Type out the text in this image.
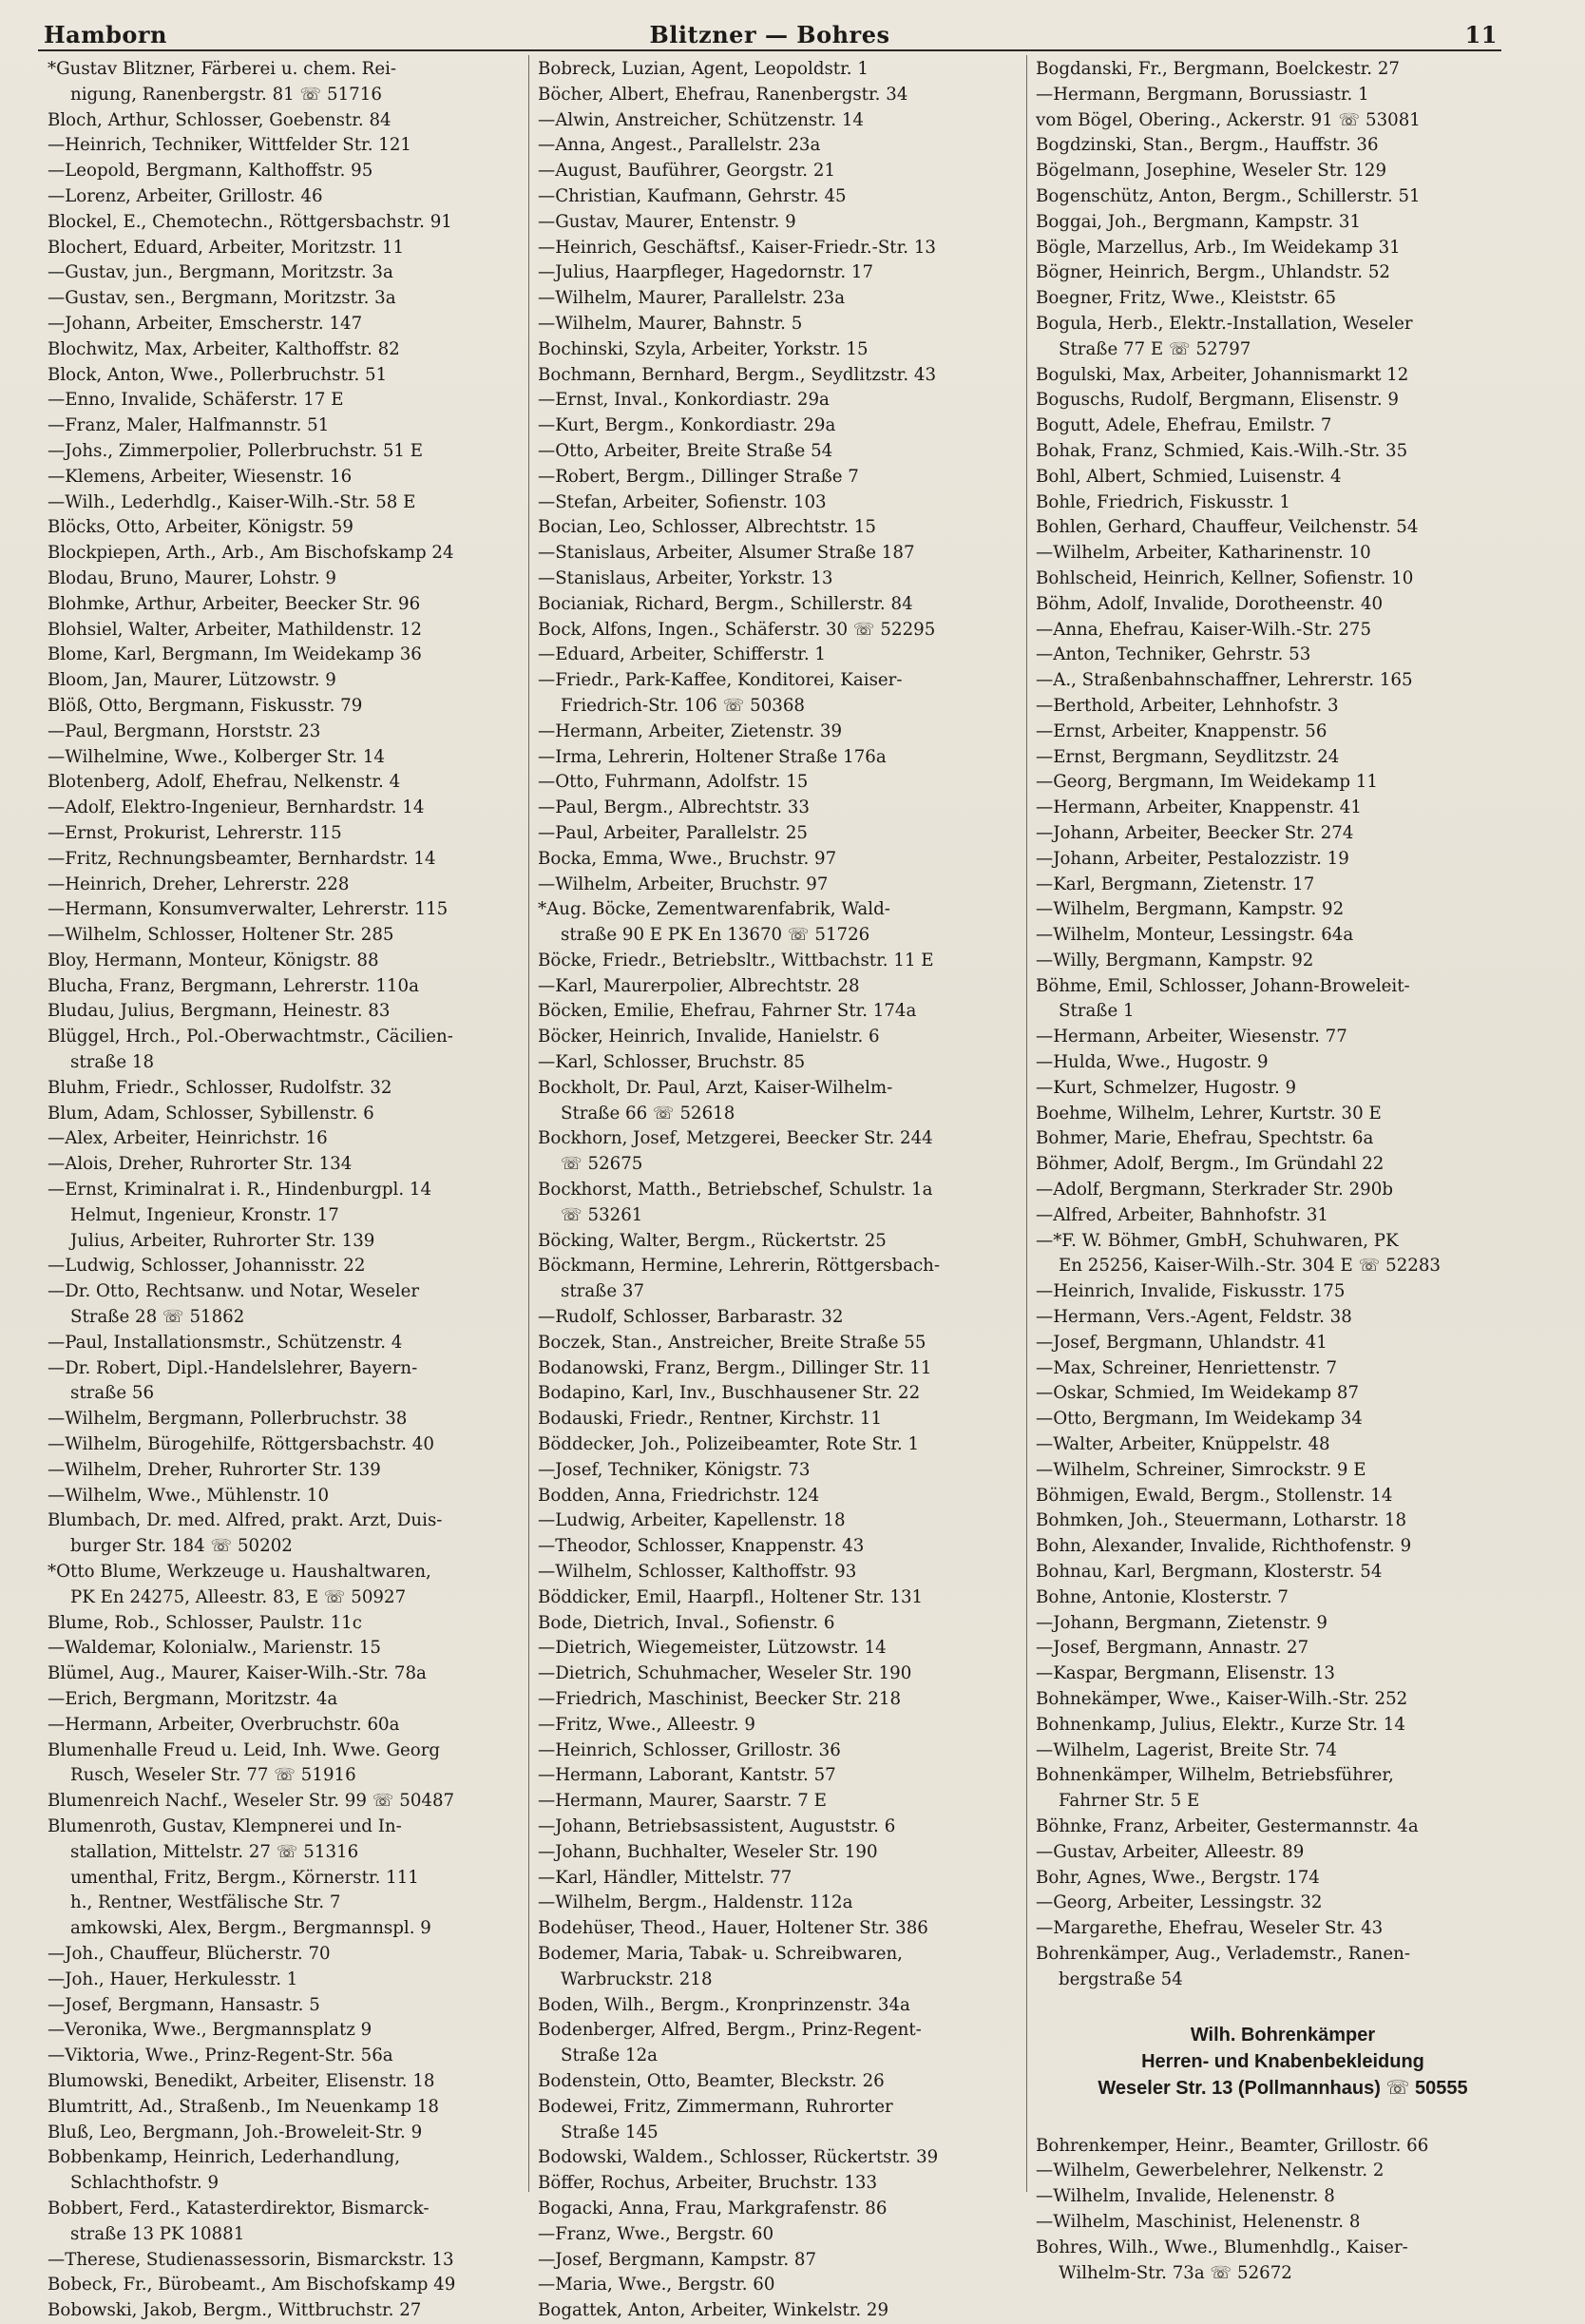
Blitzner — Bohres
Hamborn	11
*Gustav Blitzner, Färberei u. chem. Rei-
nigung, Ranenbergstr. 81 ☏ 51716
Bloch, Arthur, Schlosser, Goebenstr. 84
—Heinrich, Techniker, Wittfelder Str. 121
—Leopold, Bergmann, Kalthoffstr. 95
—Lorenz, Arbeiter, Grillostr. 46
Blockel, E., Chemotechn., Röttgersbachstr. 91
Blochert, Eduard, Arbeiter, Moritzstr. 11
—Gustav, jun., Bergmann, Moritzstr. 3a
—Gustav, sen., Bergmann, Moritzstr. 3a
—Johann, Arbeiter, Emscherstr. 147
Blochwitz, Max, Arbeiter, Kalthoffstr. 82
Block, Anton, Wwe., Pollerbruchstr. 51
—Enno, Invalide, Schäferstr. 17 E
—Franz, Maler, Halfmannstr. 51
—Johs., Zimmerpolier, Pollerbruchstr. 51 E
—Klemens, Arbeiter, Wiesenstr. 16
—Wilh., Lederhdlg., Kaiser-Wilh.-Str. 58 E
Blöcks, Otto, Arbeiter, Königstr. 59
Blockpiepen, Arth., Arb., Am Bischofskamp 24
Blodau, Bruno, Maurer, Lohstr. 9
Blohmke, Arthur, Arbeiter, Beecker Str. 96
Blohsiel, Walter, Arbeiter, Mathildenstr. 12
Blome, Karl, Bergmann, Im Weidekamp 36
Bloom, Jan, Maurer, Lützowstr. 9
Blöß, Otto, Bergmann, Fiskusstr. 79
—Paul, Bergmann, Horststr. 23
—Wilhelmine, Wwe., Kolberger Str. 14
Blotenberg, Adolf, Ehefrau, Nelkenstr. 4
—Adolf, Elektro-Ingenieur, Bernhardstr. 14
—Ernst, Prokurist, Lehrerstr. 115
—Fritz, Rechnungsbeamter, Bernhardstr. 14
—Heinrich, Dreher, Lehrerstr. 228
—Hermann, Konsumverwalter, Lehrerstr. 115
—Wilhelm, Schlosser, Holtener Str. 285
Bloy, Hermann, Monteur, Königstr. 88
Blucha, Franz, Bergmann, Lehrerstr. 110a
Bludau, Julius, Bergmann, Heinestr. 83
Blüggel, Hrch., Pol.-Oberwachtmstr., Cäcilien-
straße 18
Bluhm, Friedr., Schlosser, Rudolfstr. 32
Blum, Adam, Schlosser, Sybillenstr. 6
—Alex, Arbeiter, Heinrichstr. 16
—Alois, Dreher, Ruhrorter Str. 134
—Ernst, Kriminalrat i. R., Hindenburgpl. 14
Helmut, Ingenieur, Kronstr. 17
Julius, Arbeiter, Ruhrorter Str. 139
—Ludwig, Schlosser, Johannisstr. 22
—Dr. Otto, Rechtsanw. und Notar, Weseler
Straße 28 ☏ 51862
—Paul, Installationsmstr., Schützenstr. 4
—Dr. Robert, Dipl.-Handelslehrer, Bayern-
straße 56
—Wilhelm, Bergmann, Pollerbruchstr. 38
—Wilhelm, Bürogehilfe, Röttgersbachstr. 40
—Wilhelm, Dreher, Ruhrorter Str. 139
—Wilhelm, Wwe., Mühlenstr. 10
Blumbach, Dr. med. Alfred, prakt. Arzt, Duis-
burger Str. 184 ☏ 50202
*Otto Blume, Werkzeuge u. Haushaltwaren,
PK En 24275, Alleestr. 83, E ☏ 50927
Blume, Rob., Schlosser, Paulstr. 11c
—Waldemar, Kolonialw., Marienstr. 15
Blümel, Aug., Maurer, Kaiser-Wilh.-Str. 78a
—Erich, Bergmann, Moritzstr. 4a
—Hermann, Arbeiter, Overbruchstr. 60a
Blumenhalle Freud u. Leid, Inh. Wwe. Georg
Rusch, Weseler Str. 77 ☏ 51916
Blumenreich Nachf., Weseler Str. 99 ☏ 50487
Blumenroth, Gustav, Klempnerei und In-
stallation, Mittelstr. 27 ☏ 51316
umenthal, Fritz, Bergm., Körnerstr. 111
h., Rentner, Westfälische Str. 7
amkowski, Alex, Bergm., Bergmannspl. 9
—Joh., Chauffeur, Blücherstr. 70
—Joh., Hauer, Herkulesstr. 1
—Josef, Bergmann, Hansastr. 5
—Veronika, Wwe., Bergmannsplatz 9
—Viktoria, Wwe., Prinz-Regent-Str. 56a
Blumowski, Benedikt, Arbeiter, Elisenstr. 18
Blumtritt, Ad., Straßenb., Im Neuenkamp 18
Bluß, Leo, Bergmann, Joh.-Broweleit-Str. 9
Bobbenkamp, Heinrich, Lederhandlung,
Schlachthofstr. 9
Bobbert, Ferd., Katasterdirektor, Bismarck-
straße 13 PK 10881
—Therese, Studienassessorin, Bismarckstr. 13
Bobeck, Fr., Bürobeamt., Am Bischofskamp 49
Bobowski, Jakob, Bergm., Wittbruchstr. 27
Bobreck, Luzian, Agent, Leopoldstr. 1
Böcher, Albert, Ehefrau, Ranenbergstr. 34
—Alwin, Anstreicher, Schützenstr. 14
—Anna, Angest., Parallelstr. 23a
—August, Bauführer, Georgstr. 21
—Christian, Kaufmann, Gehrstr. 45
—Gustav, Maurer, Entenstr. 9
—Heinrich, Geschäftsf., Kaiser-Friedr.-Str. 13
—Julius, Haarpfleger, Hagedornstr. 17
—Wilhelm, Maurer, Parallelstr. 23a
—Wilhelm, Maurer, Bahnstr. 5
Bochinski, Szyla, Arbeiter, Yorkstr. 15
Bochmann, Bernhard, Bergm., Seydlitzstr. 43
—Ernst, Inval., Konkordiastr. 29a
—Kurt, Bergm., Konkordiastr. 29a
—Otto, Arbeiter, Breite Straße 54
—Robert, Bergm., Dillinger Straße 7
—Stefan, Arbeiter, Sofienstr. 103
Bocian, Leo, Schlosser, Albrechtstr. 15
—Stanislaus, Arbeiter, Alsumer Straße 187
—Stanislaus, Arbeiter, Yorkstr. 13
Bocianiak, Richard, Bergm., Schillerstr. 84
Bock, Alfons, Ingen., Schäferstr. 30 ☏ 52295
—Eduard, Arbeiter, Schifferstr. 1
—Friedr., Park-Kaffee, Konditorei, Kaiser-
Friedrich-Str. 106 ☏ 50368
—Hermann, Arbeiter, Zietenstr. 39
—Irma, Lehrerin, Holtener Straße 176a
—Otto, Fuhrmann, Adolfstr. 15
—Paul, Bergm., Albrechtstr. 33
—Paul, Arbeiter, Parallelstr. 25
Bocka, Emma, Wwe., Bruchstr. 97
—Wilhelm, Arbeiter, Bruchstr. 97
*Aug. Böcke, Zementwarenfabrik, Wald-
straße 90 E PK En 13670 ☏ 51726
Böcke, Friedr., Betriebsltr., Wittbachstr. 11 E
—Karl, Maurerpolier, Albrechtstr. 28
Böcken, Emilie, Ehefrau, Fahrner Str. 174a
Böcker, Heinrich, Invalide, Hanielstr. 6
—Karl, Schlosser, Bruchstr. 85
Bockholt, Dr. Paul, Arzt, Kaiser-Wilhelm-
Straße 66 ☏ 52618
Bockhorn, Josef, Metzgerei, Beecker Str. 244
☏ 52675
Bockhorst, Matth., Betriebschef, Schulstr. 1a
☏ 53261
Böcking, Walter, Bergm., Rückertstr. 25
Böckmann, Hermine, Lehrerin, Röttgersbach-
straße 37
—Rudolf, Schlosser, Barbarastr. 32
Boczek, Stan., Anstreicher, Breite Straße 55
Bodanowski, Franz, Bergm., Dillinger Str. 11
Bodapino, Karl, Inv., Buschhausener Str. 22
Bodauski, Friedr., Rentner, Kirchstr. 11
Böddecker, Joh., Polizeibeamter, Rote Str. 1
—Josef, Techniker, Königstr. 73
Bodden, Anna, Friedrichstr. 124
—Ludwig, Arbeiter, Kapellenstr. 18
—Theodor, Schlosser, Knappenstr. 43
—Wilhelm, Schlosser, Kalthoffstr. 93
Böddicker, Emil, Haarpfl., Holtener Str. 131
Bode, Dietrich, Inval., Sofienstr. 6
—Dietrich, Wiegemeister, Lützowstr. 14
—Dietrich, Schuhmacher, Weseler Str. 190
—Friedrich, Maschinist, Beecker Str. 218
—Fritz, Wwe., Alleestr. 9
—Heinrich, Schlosser, Grillostr. 36
—Hermann, Laborant, Kantstr. 57
—Hermann, Maurer, Saarstr. 7 E
—Johann, Betriebsassistent, Auguststr. 6
—Johann, Buchhalter, Weseler Str. 190
—Karl, Händler, Mittelstr. 77
—Wilhelm, Bergm., Haldenstr. 112a
Bodehüser, Theod., Hauer, Holtener Str. 386
Bodemer, Maria, Tabak- u. Schreibwaren,
Warbruckstr. 218
Boden, Wilh., Bergm., Kronprinzenstr. 34a
Bodenberger, Alfred, Bergm., Prinz-Regent-
Straße 12a
Bodenstein, Otto, Beamter, Bleckstr. 26
Bodewei, Fritz, Zimmermann, Ruhrorter
Straße 145
Bodowski, Waldem., Schlosser, Rückertstr. 39
Böffer, Rochus, Arbeiter, Bruchstr. 133
Bogacki, Anna, Frau, Markgrafenstr. 86
—Franz, Wwe., Bergstr. 60
—Josef, Bergmann, Kampstr. 87
—Maria, Wwe., Bergstr. 60
Bogattek, Anton, Arbeiter, Winkelstr. 29
Bogdanski, Fr., Bergmann, Boelckestr. 27
—Hermann, Bergmann, Borussiastr. 1
vom Bögel, Obering., Ackerstr. 91 ☏ 53081
Bogdzinski, Stan., Bergm., Hauffstr. 36
Bögelmann, Josephine, Weseler Str. 129
Bogenschütz, Anton, Bergm., Schillerstr. 51
Boggai, Joh., Bergmann, Kampstr. 31
Bögle, Marzellus, Arb., Im Weidekamp 31
Bögner, Heinrich, Bergm., Uhlandstr. 52
Boegner, Fritz, Wwe., Kleiststr. 65
Bogula, Herb., Elektr.-Installation, Weseler
Straße 77 E ☏ 52797
Bogulski, Max, Arbeiter, Johannismarkt 12
Boguschs, Rudolf, Bergmann, Elisenstr. 9
Bogutt, Adele, Ehefrau, Emilstr. 7
Bohak, Franz, Schmied, Kais.-Wilh.-Str. 35
Bohl, Albert, Schmied, Luisenstr. 4
Bohle, Friedrich, Fiskusstr. 1
Bohlen, Gerhard, Chauffeur, Veilchenstr. 54
—Wilhelm, Arbeiter, Katharinenstr. 10
Bohlscheid, Heinrich, Kellner, Sofienstr. 10
Böhm, Adolf, Invalide, Dorotheenstr. 40
—Anna, Ehefrau, Kaiser-Wilh.-Str. 275
—Anton, Techniker, Gehrstr. 53
—A., Straßenbahnschaffner, Lehrerstr. 165
—Berthold, Arbeiter, Lehnhofstr. 3
—Ernst, Arbeiter, Knappenstr. 56
—Ernst, Bergmann, Seydlitzstr. 24
—Georg, Bergmann, Im Weidekamp 11
—Hermann, Arbeiter, Knappenstr. 41
—Johann, Arbeiter, Beecker Str. 274
—Johann, Arbeiter, Pestalozzistr. 19
—Karl, Bergmann, Zietenstr. 17
—Wilhelm, Bergmann, Kampstr. 92
—Wilhelm, Monteur, Lessingstr. 64a
—Willy, Bergmann, Kampstr. 92
Böhme, Emil, Schlosser, Johann-Broweleit-
Straße 1
—Hermann, Arbeiter, Wiesenstr. 77
—Hulda, Wwe., Hugostr. 9
—Kurt, Schmelzer, Hugostr. 9
Boehme, Wilhelm, Lehrer, Kurtstr. 30 E
Bohmer, Marie, Ehefrau, Spechtstr. 6a
Böhmer, Adolf, Bergm., Im Gründahl 22
—Adolf, Bergmann, Sterkrader Str. 290b
—Alfred, Arbeiter, Bahnhofstr. 31
—*F. W. Böhmer, GmbH, Schuhwaren, PK
En 25256, Kaiser-Wilh.-Str. 304 E ☏ 52283
—Heinrich, Invalide, Fiskusstr. 175
—Hermann, Vers.-Agent, Feldstr. 38
—Josef, Bergmann, Uhlandstr. 41
—Max, Schreiner, Henriettenstr. 7
—Oskar, Schmied, Im Weidekamp 87
—Otto, Bergmann, Im Weidekamp 34
—Walter, Arbeiter, Knüppelstr. 48
—Wilhelm, Schreiner, Simrockstr. 9 E
Böhmigen, Ewald, Bergm., Stollenstr. 14
Bohmken, Joh., Steuermann, Lotharstr. 18
Bohn, Alexander, Invalide, Richthofenstr. 9
Bohnau, Karl, Bergmann, Klosterstr. 54
Bohne, Antonie, Klosterstr. 7
—Johann, Bergmann, Zietenstr. 9
—Josef, Bergmann, Annastr. 27
—Kaspar, Bergmann, Elisenstr. 13
Bohnekämper, Wwe., Kaiser-Wilh.-Str. 252
Bohnenkamp, Julius, Elektr., Kurze Str. 14
—Wilhelm, Lagerist, Breite Str. 74
Bohnenkämper, Wilhelm, Betriebsführer,
Fahrner Str. 5 E
Böhnke, Franz, Arbeiter, Gestermannstr. 4a
—Gustav, Arbeiter, Alleestr. 89
Bohr, Agnes, Wwe., Bergstr. 174
—Georg, Arbeiter, Lessingstr. 32
—Margarethe, Ehefrau, Weseler Str. 43
Bohrenkämper, Aug., Verlademstr., Ranen-
bergstraße 54
Wilh. Bohrenkämper
Herren- und Knabenbekleidung
Weseler Str. 13 (Pollmannhaus) ☏ 50555
Bohrenkemper, Heinr., Beamter, Grillostr. 66
—Wilhelm, Gewerbelehrer, Nelkenstr. 2
—Wilhelm, Invalide, Helenenstr. 8
—Wilhelm, Maschinist, Helenenstr. 8
Bohres, Wilh., Wwe., Blumenhdlg., Kaiser-
Wilhelm-Str. 73a ☏ 52672
